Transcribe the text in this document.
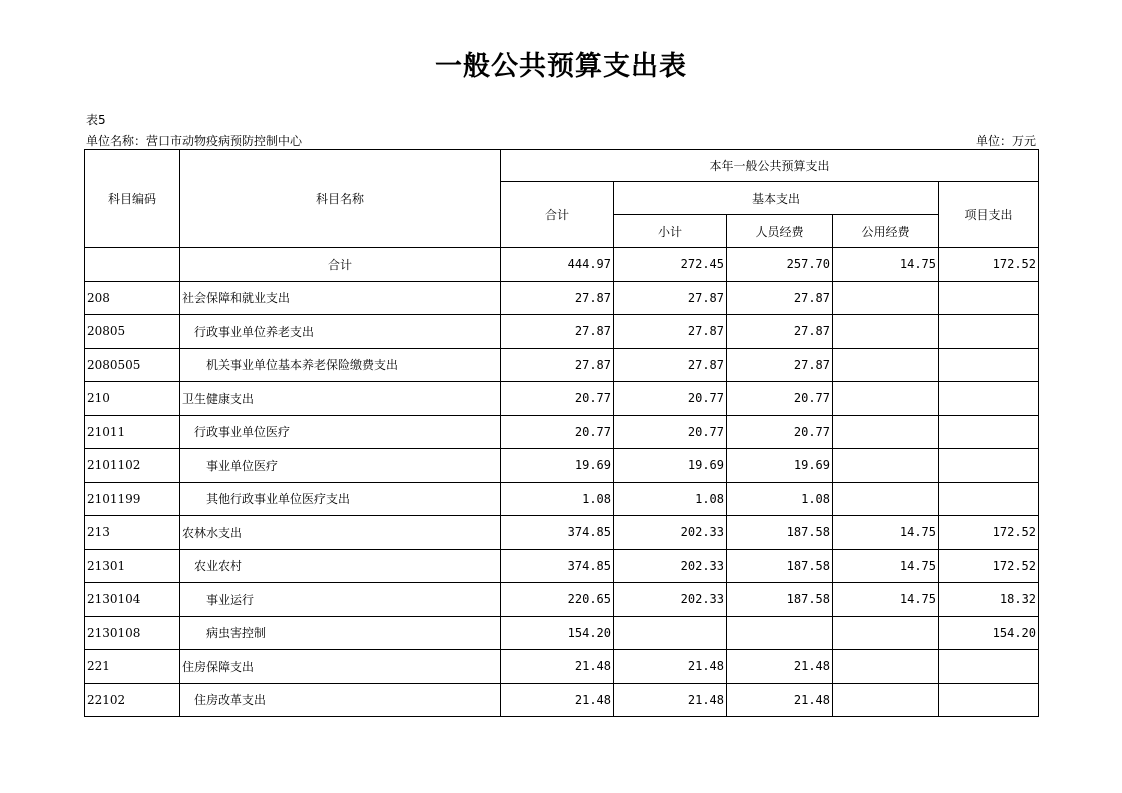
一般公共预算支出表
表5
单位名称：营口市动物疫病预防控制中心	单位：万元
科目编码	科目名称	本年一般公共预算支出				
		合计	基本支出			项目支出
			小计	人员经费	公用经费	
	合计	444.97	272.45	257.70	14.75	172.52
208	社会保障和就业支出	27.87	27.87	27.87		
20805	行政事业单位养老支出	27.87	27.87	27.87		
2080505	机关事业单位基本养老保险缴费支出	27.87	27.87	27.87		
210	卫生健康支出	20.77	20.77	20.77		
21011	行政事业单位医疗	20.77	20.77	20.77		
2101102	事业单位医疗	19.69	19.69	19.69		
2101199	其他行政事业单位医疗支出	1.08	1.08	1.08		
213	农林水支出	374.85	202.33	187.58	14.75	172.52
21301	农业农村	374.85	202.33	187.58	14.75	172.52
2130104	事业运行	220.65	202.33	187.58	14.75	18.32
2130108	病虫害控制	154.20				154.20
221	住房保障支出	21.48	21.48	21.48		
22102	住房改革支出	21.48	21.48	21.48		
